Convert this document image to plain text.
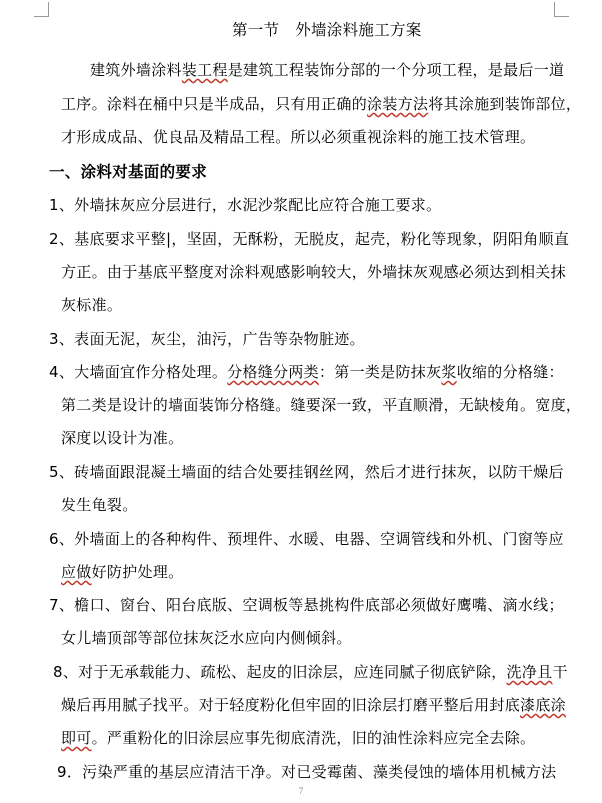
第一节　外墙涂料施工方案
建筑外墙涂料装工程是建筑工程装饰分部的一个分项工程，是最后一道
工序。涂料在桶中只是半成品，只有用正确的涂装方法将其涂施到装饰部位，
才形成成品、优良品及精品工程。所以必须重视涂料的施工技术管理。
一、涂料对基面的要求
1、外墙抹灰应分层进行，水泥沙浆配比应符合施工要求。
2、基底要求平整|，坚固，无酥粉，无脱皮，起壳，粉化等现象，阴阳角顺直
方正。由于基底平整度对涂料观感影响较大，外墙抹灰观感必须达到相关抹
灰标准。
3、表面无泥，灰尘，油污，广告等杂物脏迹。
4、大墙面宜作分格处理。分格缝分两类：第一类是防抹灰浆收缩的分格缝：
第二类是设计的墙面装饰分格缝。缝要深一致，平直顺滑，无缺棱角。宽度，
深度以设计为准。
5、砖墙面跟混凝土墙面的结合处要挂钢丝网，然后才进行抹灰，以防干燥后
发生龟裂。
6、外墙面上的各种构件、预埋件、水暖、电器、空调管线和外机、门窗等应
应做好防护处理。
7、檐口、窗台、阳台底版、空调板等悬挑构件底部必须做好鹰嘴、滴水线；
女儿墙顶部等部位抹灰泛水应向内侧倾斜。
8、对于无承载能力、疏松、起皮的旧涂层，应连同腻子彻底铲除，洗净且干
燥后再用腻子找平。对于轻度粉化但牢固的旧涂层打磨平整后用封底漆底涂
即可。严重粉化的旧涂层应事先彻底清洗，旧的油性涂料应完全去除。
9．污染严重的基层应清洁干净。对已受霉菌、藻类侵蚀的墙体用机械方法
7
